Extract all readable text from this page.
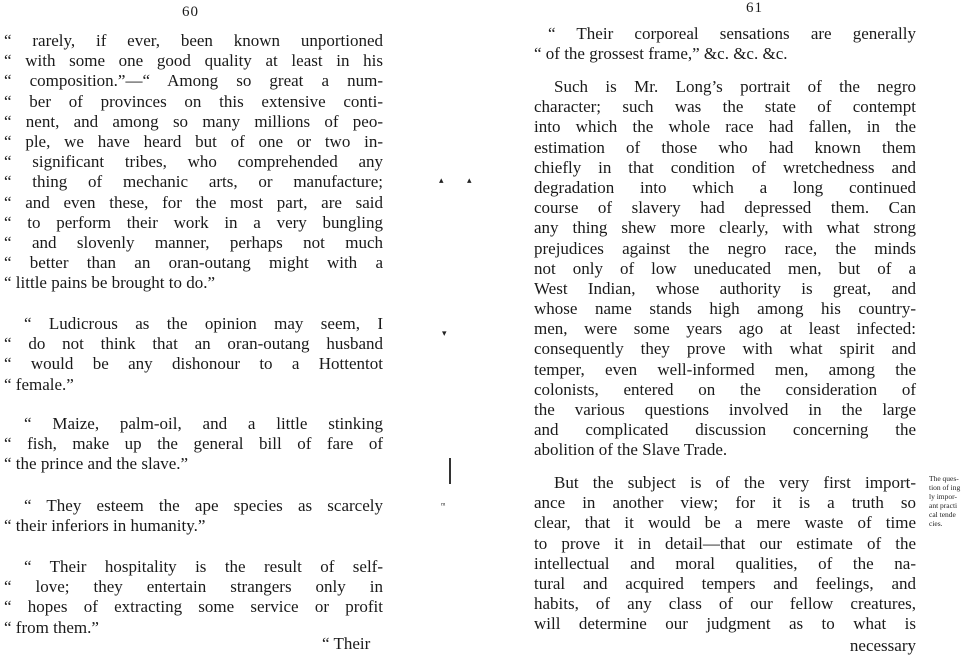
60
“ rarely, if ever, been known unportioned
“ with some one good quality at least in his
“ composition.”—“ Among so great a num-
“ ber of provinces on this extensive conti-
“ nent, and among so many millions of peo-
“ ple, we have heard but of one or two in-
“ significant tribes, who comprehended any
“ thing of mechanic arts, or manufacture;
“ and even these, for the most part, are said
“ to perform their work in a very bungling
“ and slovenly manner, perhaps not much
“ better than an oran-outang might with a
“ little pains be brought to do.”
“ Ludicrous as the opinion may seem, I
“ do not think that an oran-outang husband
“ would be any dishonour to a Hottentot
“ female.”
“ Maize, palm-oil, and a little stinking
“ fish, make up the general bill of fare of
“ the prince and the slave.”
“ They esteem the ape species as scarcely
“ their inferiors in humanity.”
“ Their hospitality is the result of self-
“ love; they entertain strangers only in
“ hopes of extracting some service or profit
“ from them.”
“ Their
▴	▴
▾
ᵐ
61
“ Their corporeal sensations are generally
“ of the grossest frame,” &c. &c. &c.
Such is Mr. Long’s portrait of the negro
character; such was the state of contempt
into which the whole race had fallen, in the
estimation of those who had known them
chiefly in that condition of wretchedness and
degradation into which a long continued
course of slavery had depressed them. Can
any thing shew more clearly, with what strong
prejudices against the negro race, the minds
not only of low uneducated men, but of a
West Indian, whose authority is great, and
whose name stands high among his country-
men, were some years ago at least infected:
consequently they prove with what spirit and
temper, even well-informed men, among the
colonists, entered on the consideration of
the various questions involved in the large
and complicated discussion concerning the
abolition of the Slave Trade.
But the subject is of the very first import-
ance in another view; for it is a truth so
clear, that it would be a mere waste of time
to prove it in detail—that our estimate of the
intellectual and moral qualities, of the na-
tural and acquired tempers and feelings, and
habits, of any class of our fellow creatures,
will determine our judgment as to what is
necessary
The ques-
tion of ing
ly impor-
ant practi
cal tende
cies.
